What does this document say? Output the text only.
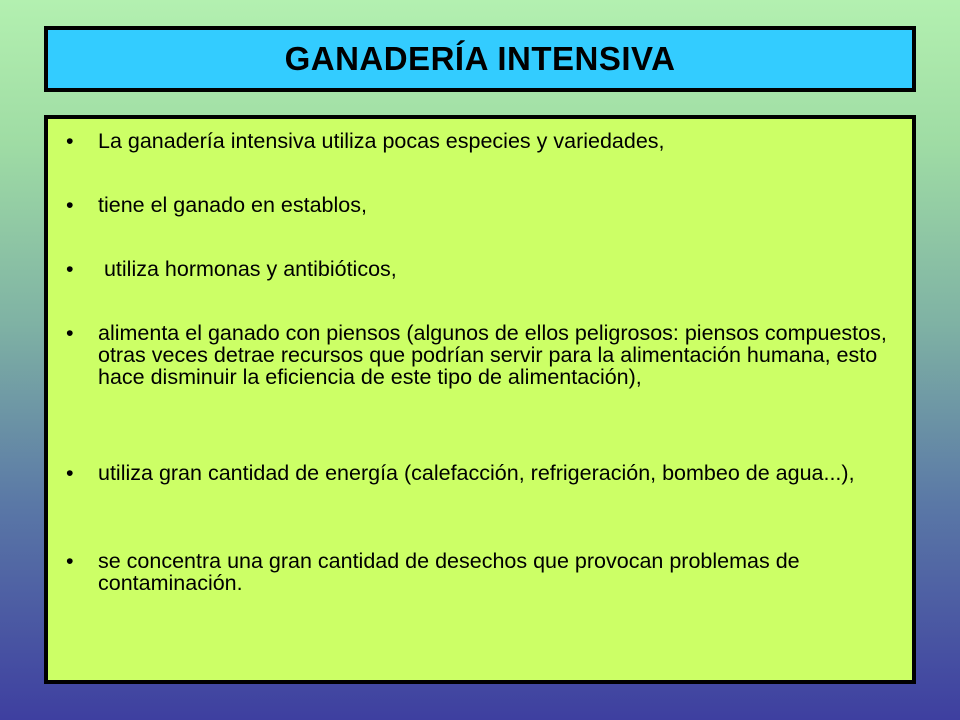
GANADERÍA INTENSIVA
•	La ganadería intensiva utiliza pocas especies y variedades,
•	tiene el ganado en establos,
•	utiliza hormonas y antibióticos,
•	alimenta el ganado con piensos (algunos de ellos peligrosos: piensos compuestos, otras veces detrae recursos que podrían servir para la alimentación humana, esto hace disminuir la eficiencia de este tipo de alimentación),
•	utiliza gran cantidad de energía (calefacción, refrigeración, bombeo de agua...),
•	se concentra una gran cantidad de desechos que provocan problemas de contaminación.
